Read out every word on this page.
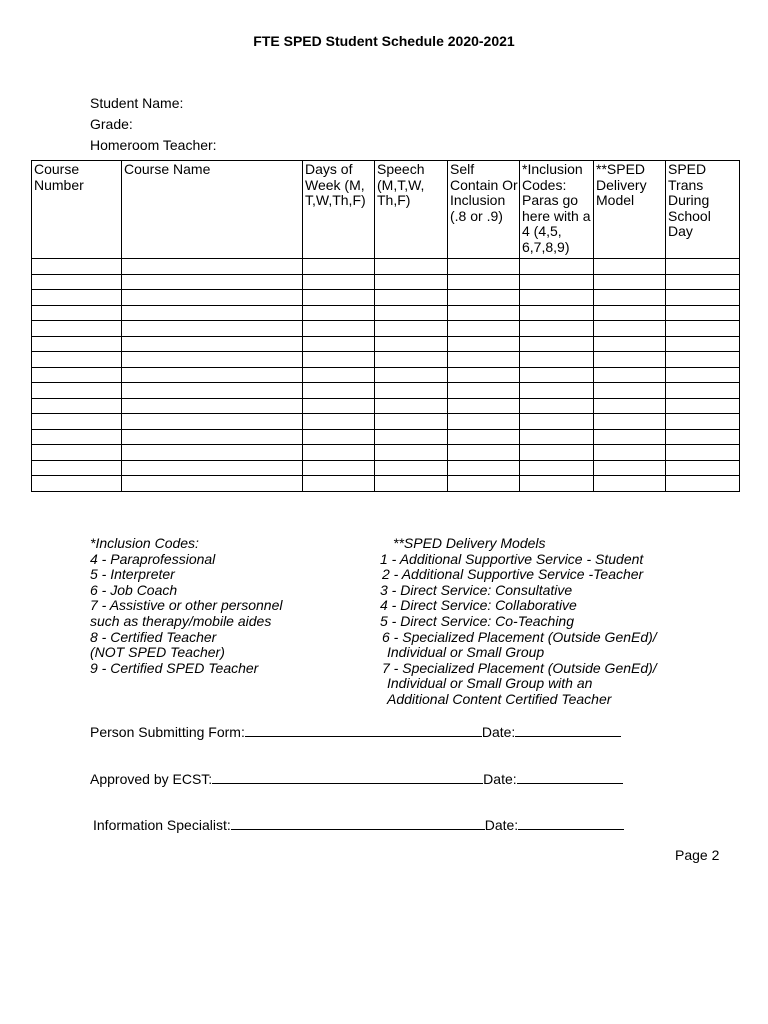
FTE SPED Student Schedule 2020-2021
Student Name:
Grade:
Homeroom Teacher:
Course Number	Course Name	Days of Week (M, T,W,Th,F)	Speech (M,T,W, Th,F)	Self Contain Or Inclusion (.8 or .9)	*Inclusion Codes: Paras go here with a 4 (4,5, 6,7,8,9)	**SPED Delivery Model	SPED Trans During School Day

*Inclusion Codes:
4 - Paraprofessional
5 - Interpreter
6 - Job Coach
7 - Assistive or other personnel
such as therapy/mobile aides
8 - Certified Teacher
(NOT SPED Teacher)
9 - Certified SPED Teacher
**SPED Delivery Models
1 - Additional Supportive Service - Student
2 - Additional Supportive Service -Teacher
3 - Direct Service: Consultative
4 - Direct Service: Collaborative
5 - Direct Service: Co-Teaching
6 - Specialized Placement (Outside GenEd)/
Individual or Small Group
7 - Specialized Placement (Outside GenEd)/
Individual or Small Group with an
Additional Content Certified Teacher
Person Submitting Form:	Date:
Approved by ECST:	Date:
Information Specialist:	Date:
Page 2
